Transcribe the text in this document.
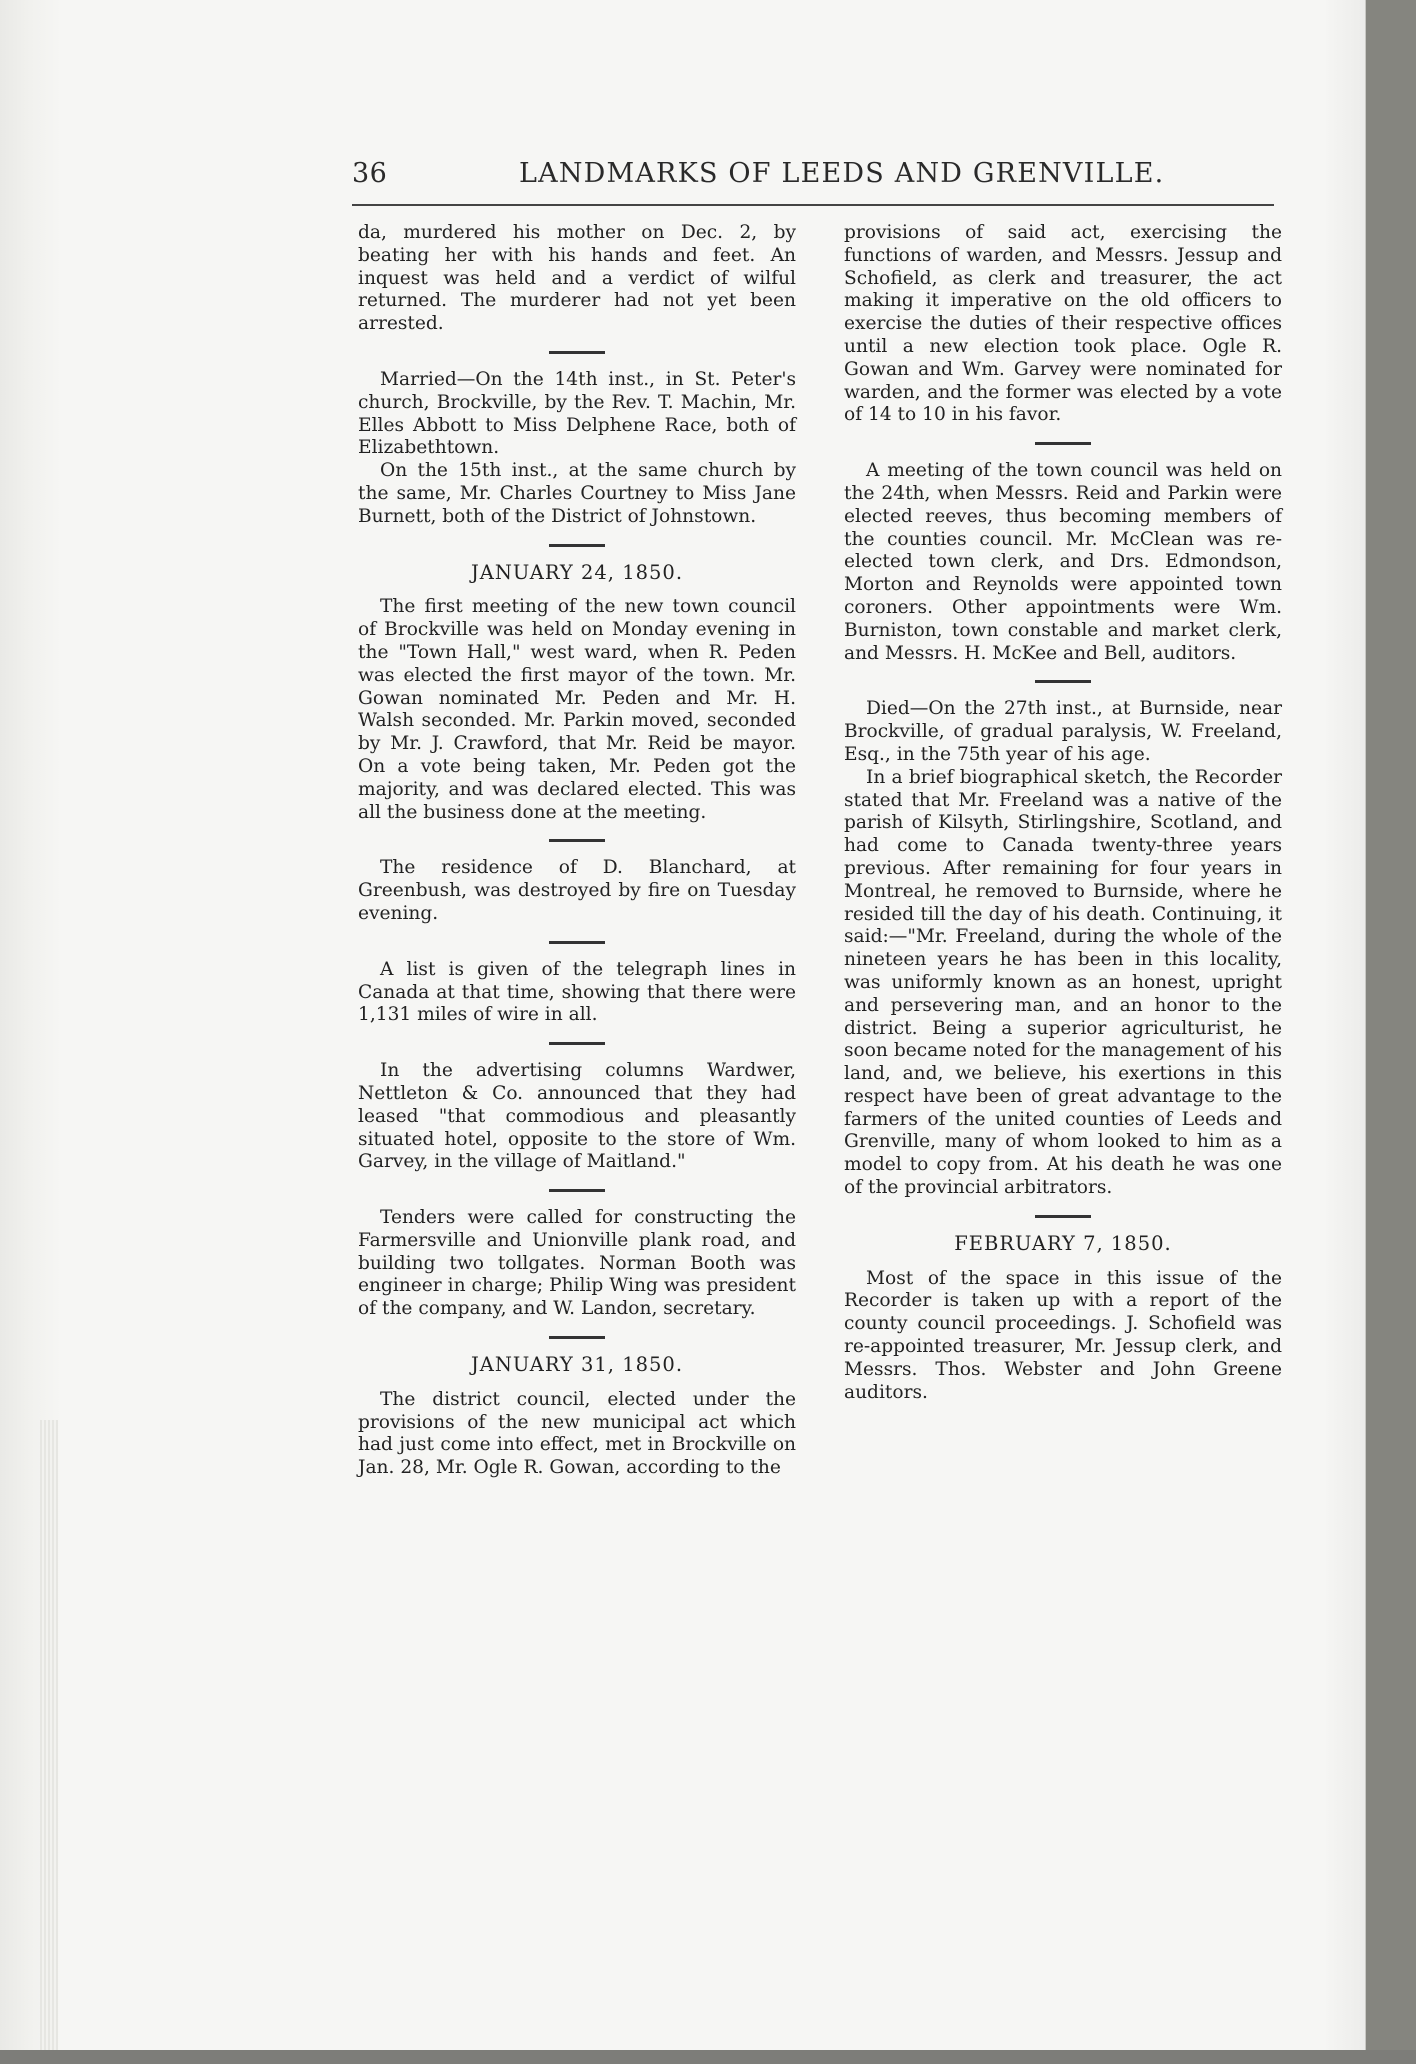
36	LANDMARKS OF LEEDS AND GRENVILLE.

da, murdered his mother on Dec. 2, by beating her with his hands and feet. An inquest was held and a verdict of wilful returned. The murderer had not yet been arrested.

Married—On the 14th inst., in St. Peter's church, Brockville, by the Rev. T. Machin, Mr. Elles Abbott to Miss Delphene Race, both of Elizabethtown.

On the 15th inst., at the same church by the same, Mr. Charles Courtney to Miss Jane Burnett, both of the District of Johnstown.

JANUARY 24, 1850.

The first meeting of the new town council of Brockville was held on Monday evening in the "Town Hall," west ward, when R. Peden was elected the first mayor of the town. Mr. Gowan nominated Mr. Peden and Mr. H. Walsh seconded. Mr. Parkin moved, seconded by Mr. J. Crawford, that Mr. Reid be mayor. On a vote being taken, Mr. Peden got the majority, and was declared elected. This was all the business done at the meeting.

The residence of D. Blanchard, at Greenbush, was destroyed by fire on Tuesday evening.

A list is given of the telegraph lines in Canada at that time, showing that there were 1,131 miles of wire in all.

In the advertising columns Wardwer, Nettleton & Co. announced that they had leased "that commodious and pleasantly situated hotel, opposite to the store of Wm. Garvey, in the village of Maitland."

Tenders were called for constructing the Farmersville and Unionville plank road, and building two tollgates. Norman Booth was engineer in charge; Philip Wing was president of the company, and W. Landon, secretary.

JANUARY 31, 1850.

The district council, elected under the provisions of the new municipal act which had just come into effect, met in Brockville on Jan. 28, Mr. Ogle R. Gowan, according to the

provisions of said act, exercising the functions of warden, and Messrs. Jessup and Schofield, as clerk and treasurer, the act making it imperative on the old officers to exercise the duties of their respective offices until a new election took place. Ogle R. Gowan and Wm. Garvey were nominated for warden, and the former was elected by a vote of 14 to 10 in his favor.

A meeting of the town council was held on the 24th, when Messrs. Reid and Parkin were elected reeves, thus becoming members of the counties council. Mr. McClean was re-elected town clerk, and Drs. Edmondson, Morton and Reynolds were appointed town coroners. Other appointments were Wm. Burniston, town constable and market clerk, and Messrs. H. McKee and Bell, auditors.

Died—On the 27th inst., at Burnside, near Brockville, of gradual paralysis, W. Freeland, Esq., in the 75th year of his age.

In a brief biographical sketch, the Recorder stated that Mr. Freeland was a native of the parish of Kilsyth, Stirlingshire, Scotland, and had come to Canada twenty-three years previous. After remaining for four years in Montreal, he removed to Burnside, where he resided till the day of his death. Continuing, it said:—"Mr. Freeland, during the whole of the nineteen years he has been in this locality, was uniformly known as an honest, upright and persevering man, and an honor to the district. Being a superior agriculturist, he soon became noted for the management of his land, and, we believe, his exertions in this respect have been of great advantage to the farmers of the united counties of Leeds and Grenville, many of whom looked to him as a model to copy from. At his death he was one of the provincial arbitrators.

FEBRUARY 7, 1850.

Most of the space in this issue of the Recorder is taken up with a report of the county council proceedings. J. Schofield was re-appointed treasurer, Mr. Jessup clerk, and Messrs. Thos. Webster and John Greene auditors.
